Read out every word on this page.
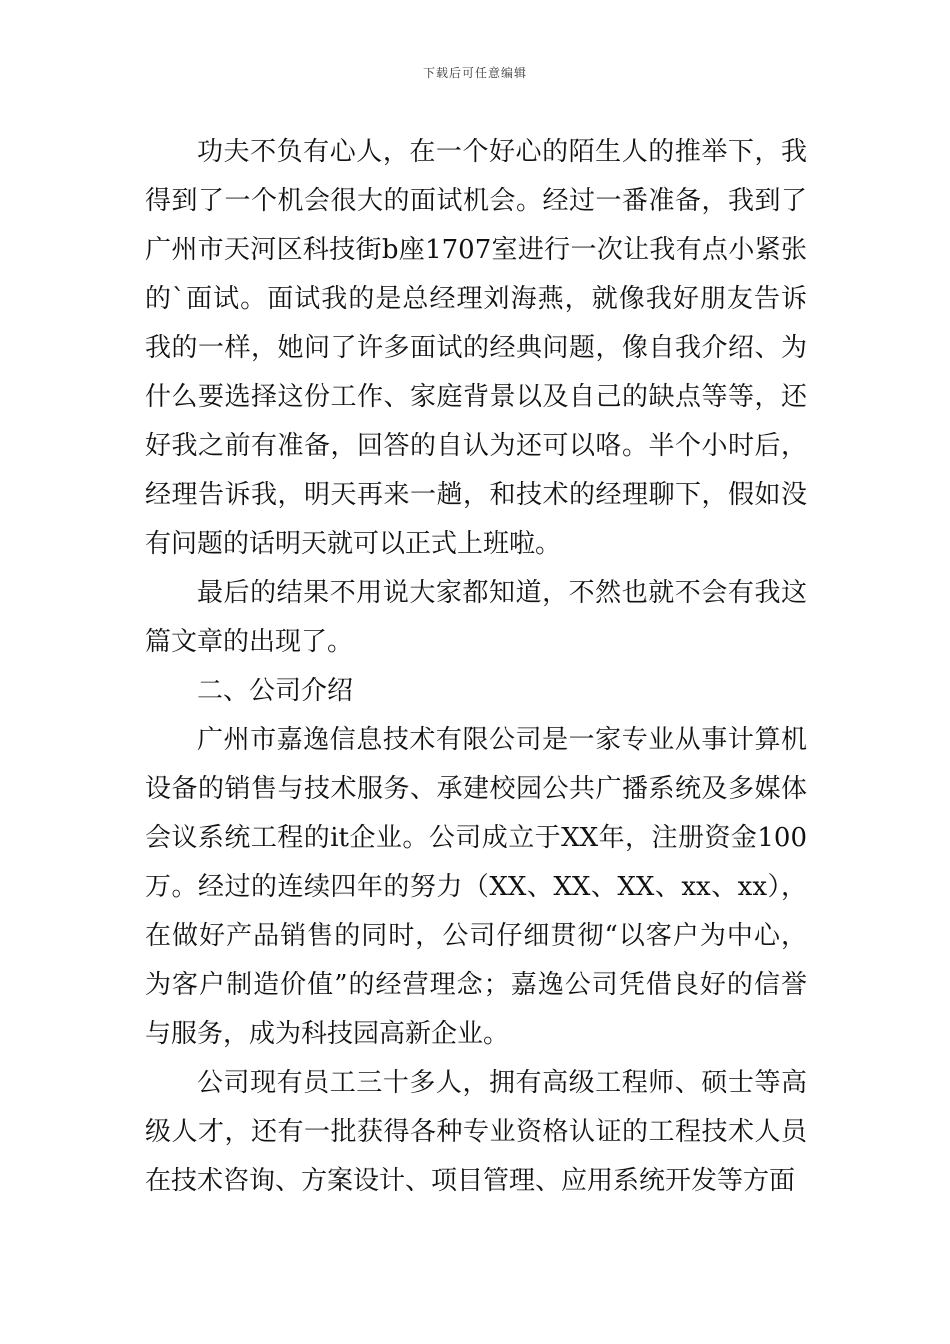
下载后可任意编辑

功夫不负有心人，在一个好心的陌生人的推举下，我得到了一个机会很大的面试机会。经过一番准备，我到了广州市天河区科技街b座1707室进行一次让我有点小紧张的`面试。面试我的是总经理刘海燕，就像我好朋友告诉我的一样，她问了许多面试的经典问题，像自我介绍、为什么要选择这份工作、家庭背景以及自己的缺点等等，还好我之前有准备，回答的自认为还可以咯。半个小时后，经理告诉我，明天再来一趟，和技术的经理聊下，假如没有问题的话明天就可以正式上班啦。

最后的结果不用说大家都知道，不然也就不会有我这篇文章的出现了。

二、公司介绍

广州市嘉逸信息技术有限公司是一家专业从事计算机设备的销售与技术服务、承建校园公共广播系统及多媒体会议系统工程的it企业。公司成立于XX年，注册资金100万。经过的连续四年的努力（XX、XX、XX、xx、xx），在做好产品销售的同时，公司仔细贯彻“以客户为中心，为客户制造价值”的经营理念；嘉逸公司凭借良好的信誉与服务，成为科技园高新企业。

公司现有员工三十多人，拥有高级工程师、硕士等高级人才，还有一批获得各种专业资格认证的工程技术人员在技术咨询、方案设计、项目管理、应用系统开发等方面
